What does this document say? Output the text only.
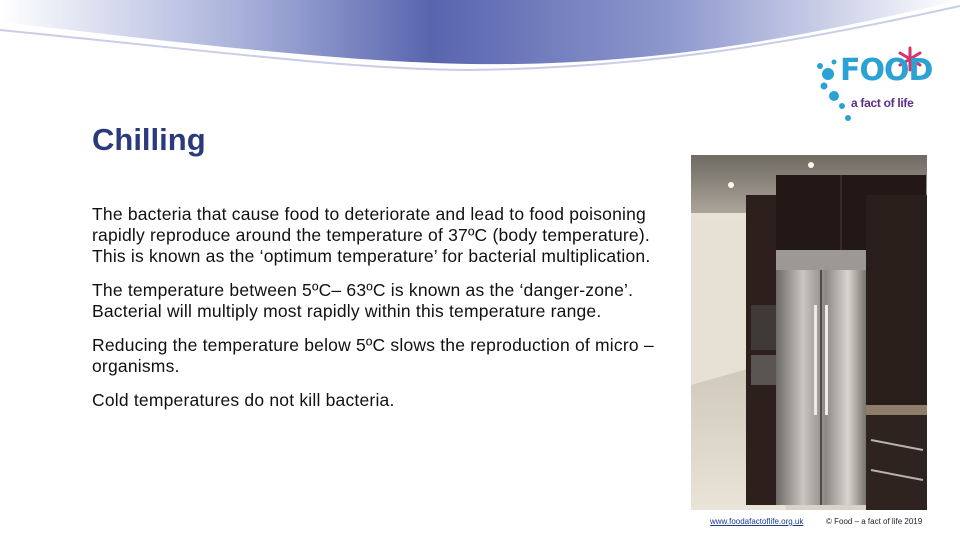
FOOD
a fact of life
Chilling

The bacteria that cause food to deteriorate and lead to food poisoning rapidly reproduce around the temperature of 37ºC (body temperature). This is known as the ‘optimum temperature’ for bacterial multiplication.

The temperature between 5ºC– 63ºC is known as the ‘danger-zone’. Bacterial will multiply most rapidly within this temperature range.

Reducing the temperature below 5ºC slows the reproduction of micro – organisms.

Cold temperatures do not kill bacteria.

www.foodafactoflife.org.uk	© Food – a fact of life 2019
